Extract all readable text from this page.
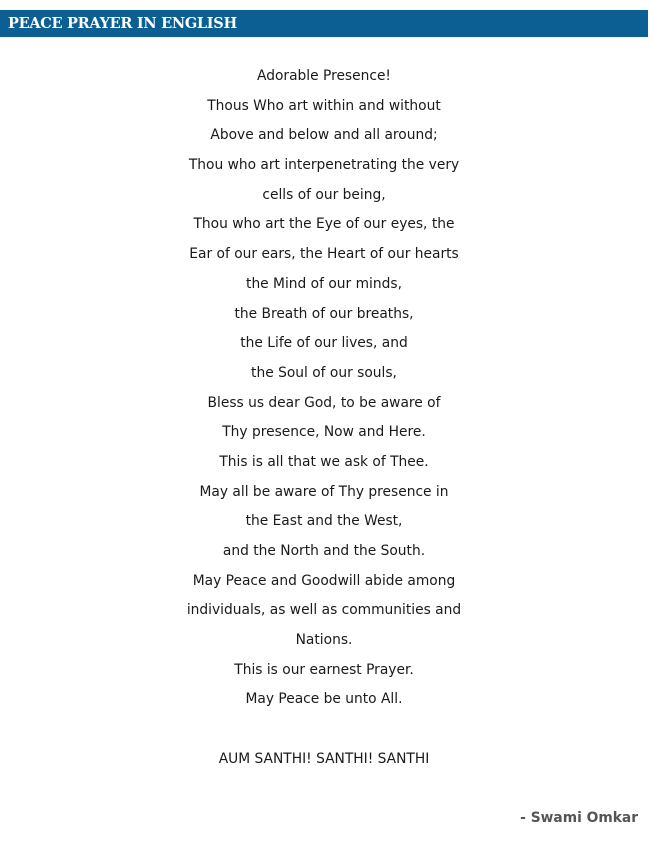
PEACE PRAYER IN ENGLISH
Adorable Presence!
Thous Who art within and without
Above and below and all around;
Thou who art interpenetrating the very
cells of our being,
Thou who art the Eye of our eyes, the
Ear of our ears, the Heart of our hearts
the Mind of our minds,
the Breath of our breaths,
the Life of our lives, and
the Soul of our souls,
Bless us dear God, to be aware of
Thy presence, Now and Here.
This is all that we ask of Thee.
May all be aware of Thy presence in
the East and the West,
and the North and the South.
May Peace and Goodwill abide among
individuals, as well as communities and
Nations.
This is our earnest Prayer.
May Peace be unto All.
AUM SANTHI! SANTHI! SANTHI
- Swami Omkar
